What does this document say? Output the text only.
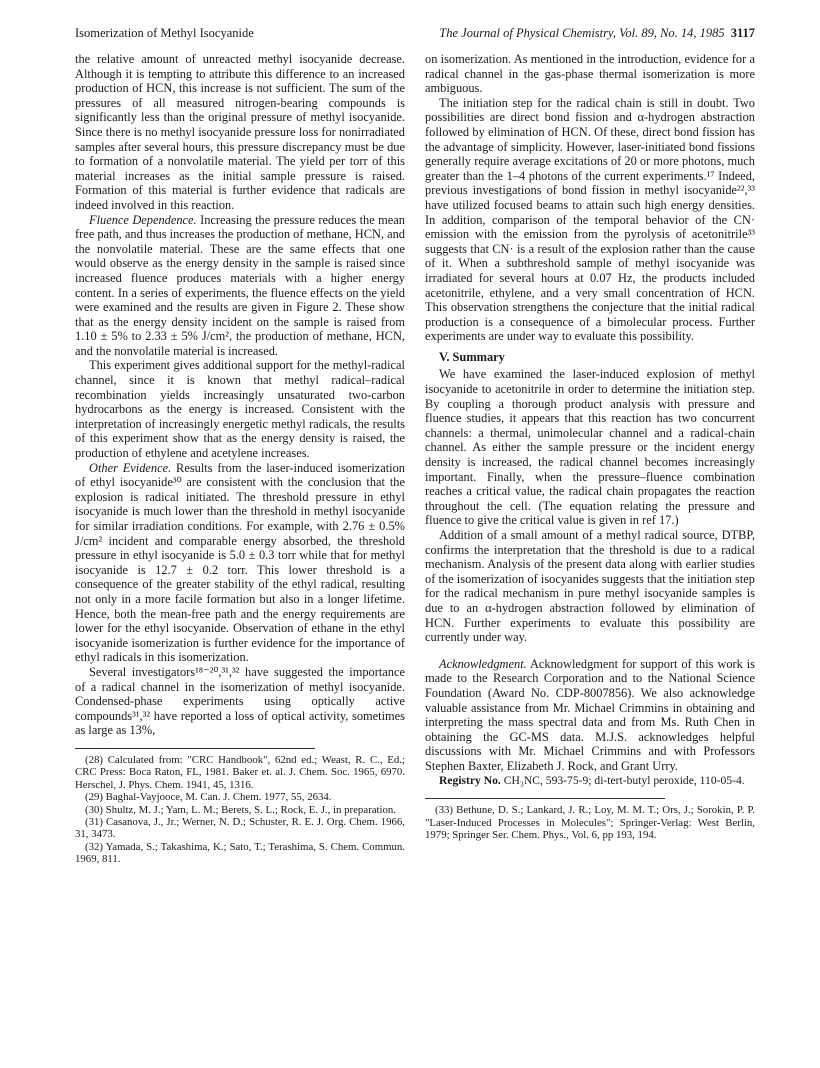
Isomerization of Methyl Isocyanide	The Journal of Physical Chemistry, Vol. 89, No. 14, 1985 3117

the relative amount of unreacted methyl isocyanide decrease. Although it is tempting to attribute this difference to an increased production of HCN, this increase is not sufficient. The sum of the pressures of all measured nitrogen-bearing compounds is significantly less than the original pressure of methyl isocyanide. Since there is no methyl isocyanide pressure loss for nonirradiated samples after several hours, this pressure discrepancy must be due to formation of a nonvolatile material. The yield per torr of this material increases as the initial sample pressure is raised. Formation of this material is further evidence that radicals are indeed involved in this reaction.

Fluence Dependence. Increasing the pressure reduces the mean free path, and thus increases the production of methane, HCN, and the nonvolatile material. These are the same effects that one would observe as the energy density in the sample is raised since increased fluence produces materials with a higher energy content. In a series of experiments, the fluence effects on the yield were examined and the results are given in Figure 2. These show that as the energy density incident on the sample is raised from 1.10 ± 5% to 2.33 ± 5% J/cm², the production of methane, HCN, and the nonvolatile material is increased.

This experiment gives additional support for the methyl-radical channel, since it is known that methyl radical–radical recombination yields increasingly unsaturated two-carbon hydrocarbons as the energy is increased. Consistent with the interpretation of increasingly energetic methyl radicals, the results of this experiment show that as the energy density is raised, the production of ethylene and acetylene increases.

Other Evidence. Results from the laser-induced isomerization of ethyl isocyanide³⁰ are consistent with the conclusion that the explosion is radical initiated. The threshold pressure in ethyl isocyanide is much lower than the threshold in methyl isocyanide for similar irradiation conditions. For example, with 2.76 ± 0.5% J/cm² incident and comparable energy absorbed, the threshold pressure in ethyl isocyanide is 5.0 ± 0.3 torr while that for methyl isocyanide is 12.7 ± 0.2 torr. This lower threshold is a consequence of the greater stability of the ethyl radical, resulting not only in a more facile formation but also in a longer lifetime. Hence, both the mean-free path and the energy requirements are lower for the ethyl isocyanide. Observation of ethane in the ethyl isocyanide isomerization is further evidence for the importance of ethyl radicals in this isomerization.

Several investigators¹⁸⁻²⁰,³¹,³² have suggested the importance of a radical channel in the isomerization of methyl isocyanide. Condensed-phase experiments using optically active compounds³¹,³² have reported a loss of optical activity, sometimes as large as 13%,

(28) Calculated from: "CRC Handbook", 62nd ed.; Weast, R. C., Ed.; CRC Press: Boca Raton, FL, 1981. Baker et. al. J. Chem. Soc. 1965, 6970. Herschel, J. Phys. Chem. 1941, 45, 1316.

(29) Baghal-Vayjooce, M. Can. J. Chem. 1977, 55, 2634.

(30) Shultz, M. J.; Yam, L. M.; Berets, S. L.; Rock, E. J., in preparation.

(31) Casanova, J., Jr.; Werner, N. D.; Schuster, R. E. J. Org. Chem. 1966, 31, 3473.

(32) Yamada, S.; Takashima, K.; Sato, T.; Terashima, S. Chem. Commun. 1969, 811.

on isomerization. As mentioned in the introduction, evidence for a radical channel in the gas-phase thermal isomerization is more ambiguous.

The initiation step for the radical chain is still in doubt. Two possibilities are direct bond fission and α-hydrogen abstraction followed by elimination of HCN. Of these, direct bond fission has the advantage of simplicity. However, laser-initiated bond fissions generally require average excitations of 20 or more photons, much greater than the 1–4 photons of the current experiments.¹⁷ Indeed, previous investigations of bond fission in methyl isocyanide²²,³³ have utilized focused beams to attain such high energy densities. In addition, comparison of the temporal behavior of the CN· emission with the emission from the pyrolysis of acetonitrile³³ suggests that CN· is a result of the explosion rather than the cause of it. When a subthreshold sample of methyl isocyanide was irradiated for several hours at 0.07 Hz, the products included acetonitrile, ethylene, and a very small concentration of HCN. This observation strengthens the conjecture that the initial radical production is a consequence of a bimolecular process. Further experiments are under way to evaluate this possibility.

V. Summary

We have examined the laser-induced explosion of methyl isocyanide to acetonitrile in order to determine the initiation step. By coupling a thorough product analysis with pressure and fluence studies, it appears that this reaction has two concurrent channels: a thermal, unimolecular channel and a radical-chain channel. As either the sample pressure or the incident energy density is increased, the radical channel becomes increasingly important. Finally, when the pressure–fluence combination reaches a critical value, the radical chain propagates the reaction throughout the cell. (The equation relating the pressure and fluence to give the critical value is given in ref 17.)

Addition of a small amount of a methyl radical source, DTBP, confirms the interpretation that the threshold is due to a radical mechanism. Analysis of the present data along with earlier studies of the isomerization of isocyanides suggests that the initiation step for the radical mechanism in pure methyl isocyanide samples is due to an α-hydrogen abstraction followed by elimination of HCN. Further experiments to evaluate this possibility are currently under way.

Acknowledgment. Acknowledgment for support of this work is made to the Research Corporation and to the National Science Foundation (Award No. CDP-8007856). We also acknowledge valuable assistance from Mr. Michael Crimmins in obtaining and interpreting the mass spectral data and from Ms. Ruth Chen in obtaining the GC-MS data. M.J.S. acknowledges helpful discussions with Mr. Michael Crimmins and with Professors Stephen Baxter, Elizabeth J. Rock, and Grant Urry.

Registry No. CH₃NC, 593-75-9; di-tert-butyl peroxide, 110-05-4.

(33) Bethune, D. S.; Lankard, J. R.; Loy, M. M. T.; Ors, J.; Sorokin, P. P. "Laser-Induced Processes in Molecules"; Springer-Verlag: West Berlin, 1979; Springer Ser. Chem. Phys., Vol. 6, pp 193, 194.
